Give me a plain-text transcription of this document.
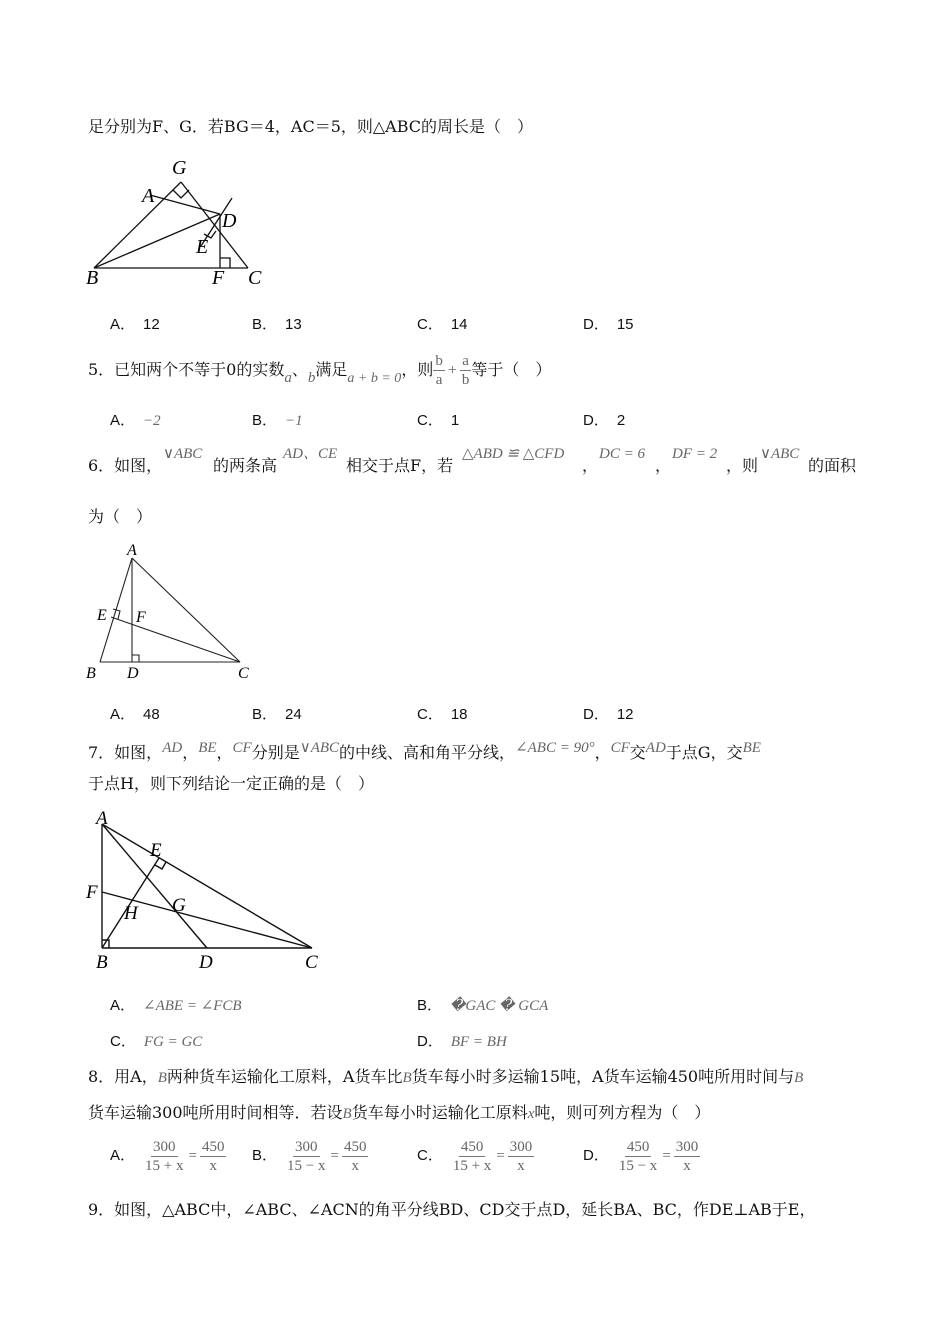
足分别为F、G．若BG＝4，AC＝5，则△ABC的周长是（　）
G
A
D
E
B	F C
A． 12	B． 13	C． 14	D． 15
5．已知两个不等于0的实数a、b满足a + b = 0，则 $\frac{b}{a} + \frac{a}{b}$ 等于（　）
A． −2	B． −1	C． 1	D． 2
6．如图，
∨ABC
的两条高
AD、CE
相交于点F，若
△ABD ≌ △CFD
，
DC = 6
，
DF = 2
，则
∨ABC
的面积
为（　）
A
E F
B D	C
A． 48	B． 24	C． 18	D． 12
7．如图，AD，BE，CF分别是∨ABC的中线、高和角平分线，∠ABC = 90°，CF交AD于点G，交BE
于点H，则下列结论一定正确的是（　）
A
E
F
H G
B	D	C
A． ∠ABE = ∠FCB	B． �GAC � GCA
C． FG = GC	D． BF = BH
8．用A，B两种货车运输化工原料，A货车比B货车每小时多运输15吨，A货车运输450吨所用时间与B
货车运输300吨所用时间相等．若设B货车每小时运输化工原料x吨，则可列方程为（　）
A． $\frac{300}{15 + x} = \frac{450}{x}$ B． $\frac{300}{15 - x} = \frac{450}{x}$	C． $\frac{450}{15 + x} = \frac{300}{x}$	D． $\frac{450}{15 - x} = \frac{300}{x}$
9．如图，△ABC中，∠ABC、∠ACN的角平分线BD、CD交于点D，延长BA、BC，作DE⊥AB于E，
